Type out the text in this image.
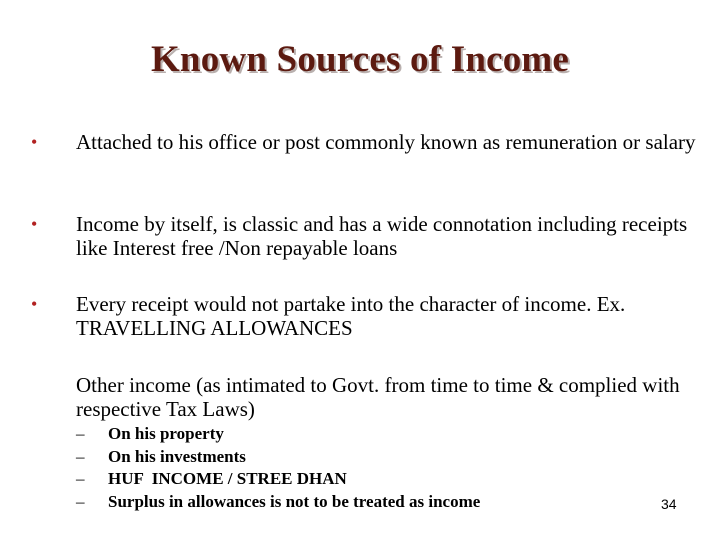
Known Sources of Income
• Attached to his office or post commonly known as remuneration or salary
• Income by itself, is classic and has a wide connotation including receipts like Interest free /Non repayable loans
• Every receipt would not partake into the character of income. Ex. TRAVELLING ALLOWANCES
Other income (as intimated to Govt. from time to time & complied with respective Tax Laws)
– On his property
– On his investments
– HUF  INCOME / STREE DHAN
– Surplus in allowances is not to be treated as income	34
